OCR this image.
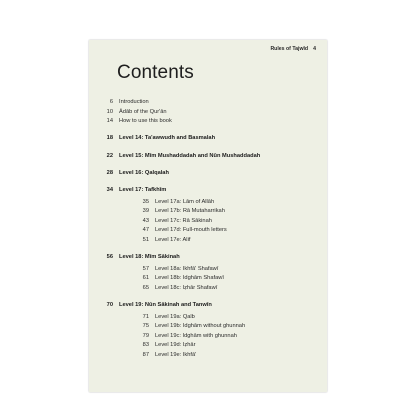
Rules of Tajwīd 4
Contents
6 Introduction
10 Ādāb of the Qur'ān
14 How to use this book
18 Level 14: Ta'awwudh and Basmalah
22 Level 15: Mīm Mushaddadah and Nūn Mushaddadah
28 Level 16: Qalqalah
34 Level 17: Tafkhīm
35 Level 17a: Lām of Allāh
39 Level 17b: Rā Mutaharrikah
43 Level 17c: Rā Sākinah
47 Level 17d: Full-mouth letters
51 Level 17e: Alif
56 Level 18: Mīm Sākinah
57 Level 18a: Ikhfā' Shafawī
61 Level 18b: Idghām Shafawī
65 Level 18c: Iẓhār Shafawī
70 Level 19: Nūn Sākinah and Tanwīn
71 Level 19a: Qalb
75 Level 19b: Idghām without ghunnah
79 Level 19c: Idghām with ghunnah
83 Level 19d: Iẓhār
87 Level 19e: Ikhfā'
